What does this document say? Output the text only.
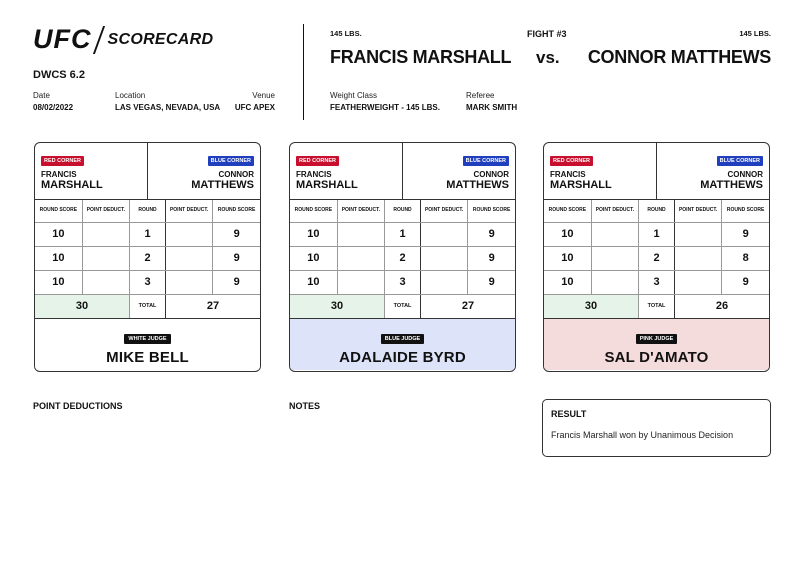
UFC SCORECARD
DWCS 6.2
Date
08/02/2022
Location
LAS VEGAS, NEVADA, USA
Venue
UFC APEX
145 LBS.
FRANCIS MARSHALL
FIGHT #3
vs.
145 LBS.
CONNOR MATTHEWS
Weight Class
FEATHERWEIGHT - 145 LBS.
Referee
MARK SMITH
RED CORNER
FRANCIS
MARSHALL
BLUE CORNER
CONNOR
MATTHEWS
ROUND SCORE	POINT DEDUCT.	ROUND	POINT DEDUCT.	ROUND SCORE
10		1		9
10		2		9
10		3		9
30		TOTAL	27	
WHITE JUDGE
MIKE BELL
RED CORNER
FRANCIS
MARSHALL
BLUE CORNER
CONNOR
MATTHEWS
ROUND SCORE	POINT DEDUCT.	ROUND	POINT DEDUCT.	ROUND SCORE
10		1		9
10		2		9
10		3		9
30		TOTAL	27	
BLUE JUDGE
ADALAIDE BYRD
RED CORNER
FRANCIS
MARSHALL
BLUE CORNER
CONNOR
MATTHEWS
ROUND SCORE	POINT DEDUCT.	ROUND	POINT DEDUCT.	ROUND SCORE
10		1		9
10		2		8
10		3		9
30		TOTAL	26	
PINK JUDGE
SAL D'AMATO
POINT DEDUCTIONS	NOTES
RESULT
Francis Marshall won by Unanimous Decision
